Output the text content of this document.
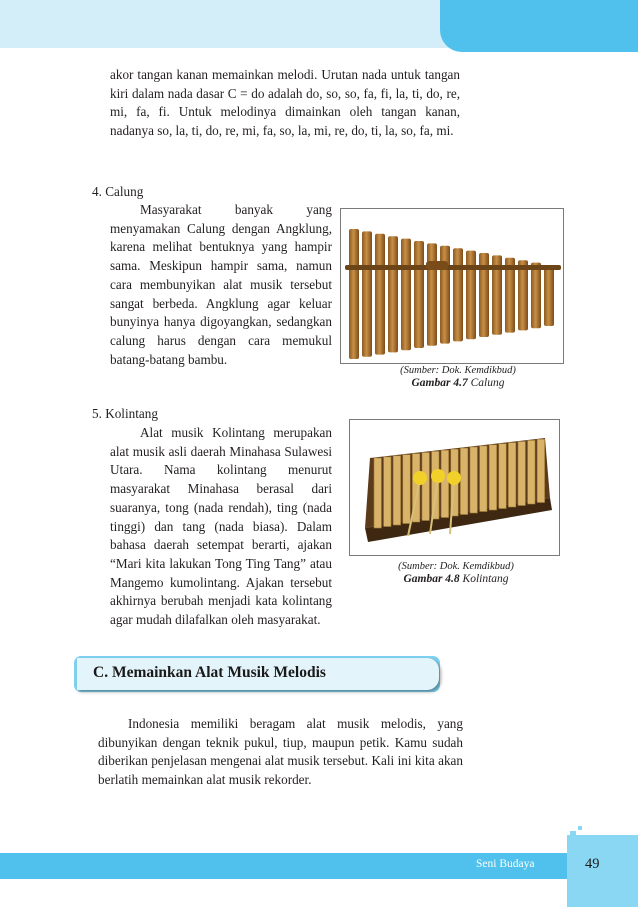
akor tangan kanan memainkan melodi. Urutan nada untuk tangan kiri dalam nada dasar C = do adalah do, so, so, fa, fi, la, ti, do, re, mi, fa, fi. Untuk melodinya dimainkan oleh tangan kanan, nadanya so, la, ti, do, re, mi, fa, so, la, mi, re, do, ti, la, so, fa, mi.

4. Calung

Masyarakat banyak yang menyamakan Calung dengan Angklung, karena melihat bentuknya yang hampir sama. Meskipun hampir sama, namun cara membunyikan alat musik tersebut sangat berbeda. Angklung agar keluar bunyinya hanya digoyangkan, sedangkan calung harus dengan cara memukul batang-batang bambu.

(Sumber: Dok. Kemdikbud)
Gambar 4.7 Calung
5. Kolintang

Alat musik Kolintang merupakan alat musik asli daerah Minahasa Sulawesi Utara. Nama kolintang menurut masyarakat Minahasa berasal dari suaranya, tong (nada rendah), ting (nada tinggi) dan tang (nada biasa). Dalam bahasa daerah setempat berarti, ajakan “Mari kita lakukan Tong Ting Tang” atau Mangemo kumolintang. Ajakan tersebut akhirnya berubah menjadi kata kolintang agar mudah dilafalkan oleh masyarakat.

(Sumber: Dok. Kemdikbud)
Gambar 4.8 Kolintang
C. Memainkan Alat Musik Melodis

Indonesia memiliki beragam alat musik melodis, yang dibunyikan dengan teknik pukul, tiup, maupun petik. Kamu sudah diberikan penjelasan mengenai alat musik tersebut. Kali ini kita akan berlatih memainkan alat musik rekorder.

Seni Budaya	49
